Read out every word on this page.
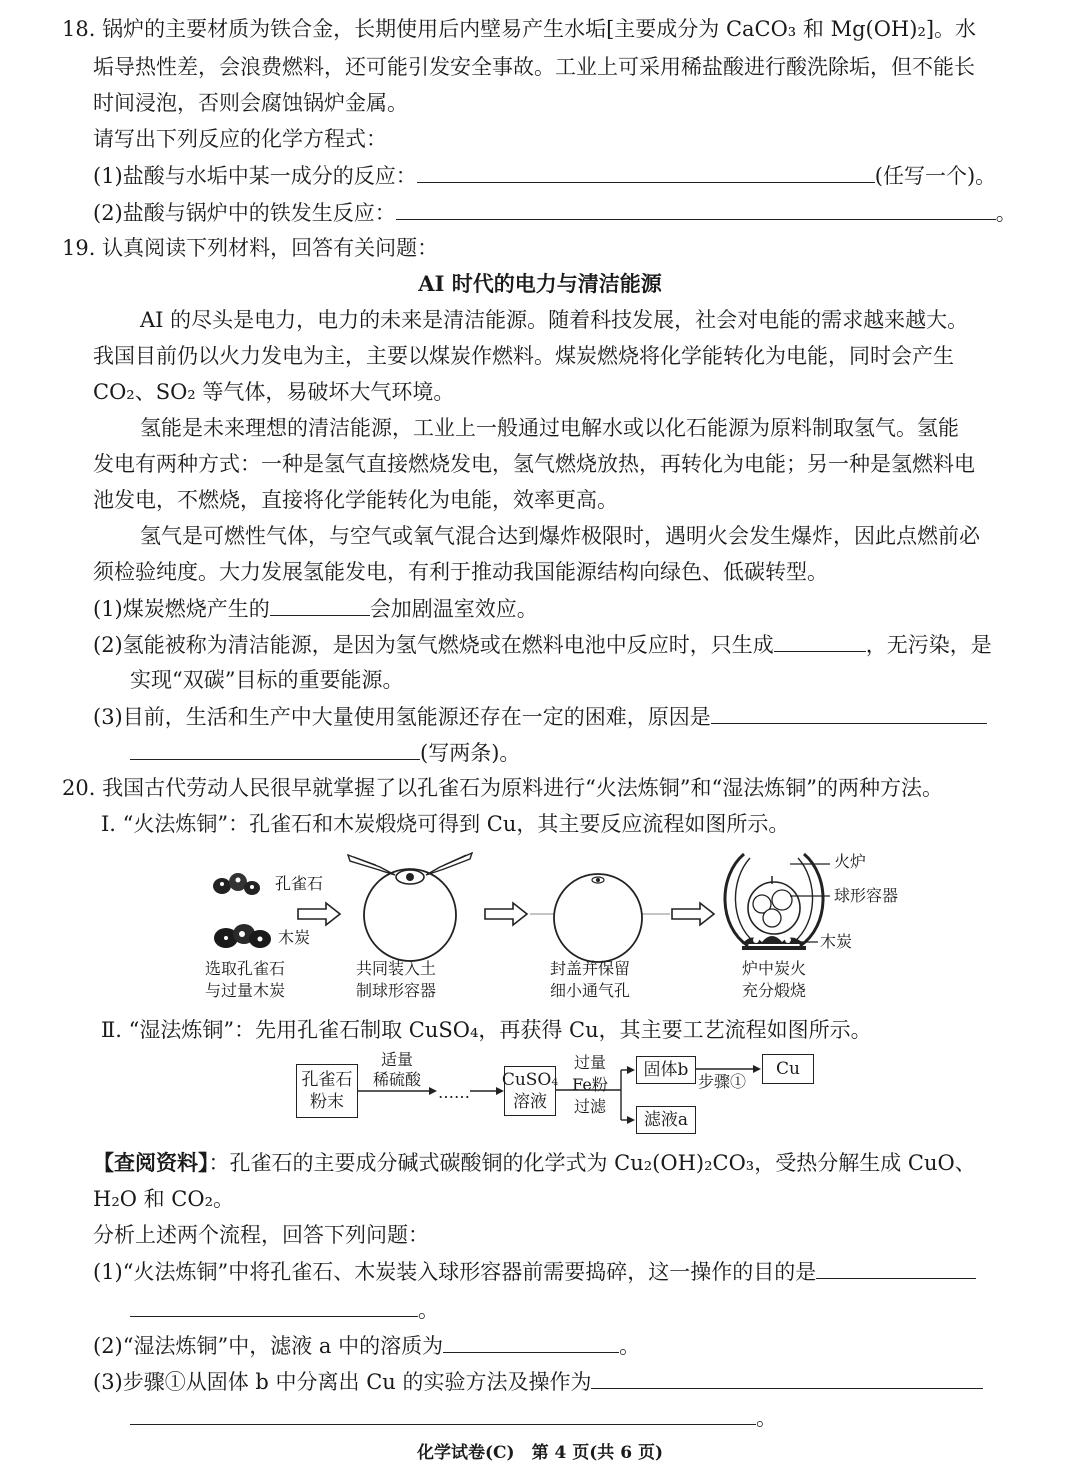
18. 锅炉的主要材质为铁合金，长期使用后内壁易产生水垢[主要成分为 CaCO₃ 和 Mg(OH)₂]。水
垢导热性差，会浪费燃料，还可能引发安全事故。工业上可采用稀盐酸进行酸洗除垢，但不能长
时间浸泡，否则会腐蚀锅炉金属。
请写出下列反应的化学方程式：
(1)盐酸与水垢中某一成分的反应：	(任写一个)。
(2)盐酸与锅炉中的铁发生反应：	。
19. 认真阅读下列材料，回答有关问题：
AI 时代的电力与清洁能源
AI 的尽头是电力，电力的未来是清洁能源。随着科技发展，社会对电能的需求越来越大。
我国目前仍以火力发电为主，主要以煤炭作燃料。煤炭燃烧将化学能转化为电能，同时会产生
CO₂、SO₂ 等气体，易破坏大气环境。
氢能是未来理想的清洁能源，工业上一般通过电解水或以化石能源为原料制取氢气。氢能
发电有两种方式：一种是氢气直接燃烧发电，氢气燃烧放热，再转化为电能；另一种是氢燃料电
池发电，不燃烧，直接将化学能转化为电能，效率更高。
氢气是可燃性气体，与空气或氧气混合达到爆炸极限时，遇明火会发生爆炸，因此点燃前必
须检验纯度。大力发展氢能发电，有利于推动我国能源结构向绿色、低碳转型。
(1)煤炭燃烧产生的	会加剧温室效应。
(2)氢能被称为清洁能源，是因为氢气燃烧或在燃料电池中反应时，只生成	，无污染，是
实现“双碳”目标的重要能源。
(3)目前，生活和生产中大量使用氢能源还存在一定的困难，原因是
(写两条)。
20. 我国古代劳动人民很早就掌握了以孔雀石为原料进行“火法炼铜”和“湿法炼铜”的两种方法。
Ⅰ. “火法炼铜”：孔雀石和木炭煅烧可得到 Cu，其主要反应流程如图所示。
孔雀石
木炭
选取孔雀石
与过量木炭
共同装入土
制球形容器
封盖并保留
细小通气孔
火炉
球形容器
木炭
炉中炭火
充分煅烧
Ⅱ. “湿法炼铜”：先用孔雀石制取 CuSO₄，再获得 Cu，其主要工艺流程如图所示。
孔雀石
粉末
适量
稀硫酸
……
CuSO₄
溶液
过量
Fe粉
过滤
固体b
滤液a
步骤①
Cu
【查阅资料】：孔雀石的主要成分碱式碳酸铜的化学式为 Cu₂(OH)₂CO₃，受热分解生成 CuO、
H₂O 和 CO₂。
分析上述两个流程，回答下列问题：
(1)“火法炼铜”中将孔雀石、木炭装入球形容器前需要捣碎，这一操作的目的是
。
(2)“湿法炼铜”中，滤液 a 中的溶质为	。
(3)步骤①从固体 b 中分离出 Cu 的实验方法及操作为
。
化学试卷(C)　第 4 页(共 6 页)
